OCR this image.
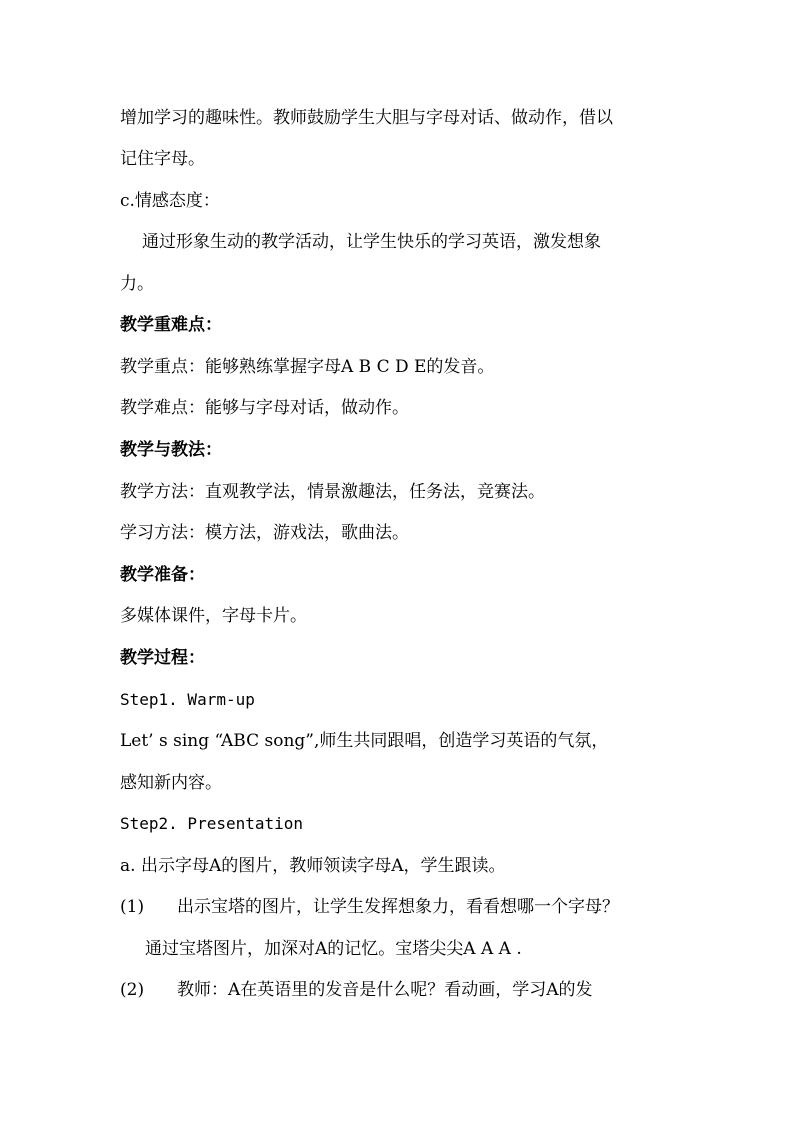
增加学习的趣味性。教师鼓励学生大胆与字母对话、做动作，借以
记住字母。
c.情感态度：
通过形象生动的教学活动，让学生快乐的学习英语，激发想象
力。
教学重难点：
教学重点：能够熟练掌握字母A B C D E的发音。
教学难点：能够与字母对话，做动作。
教学与教法：
教学方法：直观教学法，情景激趣法，任务法，竞赛法。
学习方法：模方法，游戏法，歌曲法。
教学准备：
多媒体课件，字母卡片。
教学过程：
Step1. Warm-up
Let’ s sing “ABC song”,师生共同跟唱，创造学习英语的气氛，
感知新内容。
Step2. Presentation
a. 出示字母A的图片，教师领读字母A，学生跟读。
(1) 出示宝塔的图片，让学生发挥想象力，看看想哪一个字母？
通过宝塔图片，加深对A的记忆。宝塔尖尖A A A .
(2) 教师：A在英语里的发音是什么呢？看动画，学习A的发
